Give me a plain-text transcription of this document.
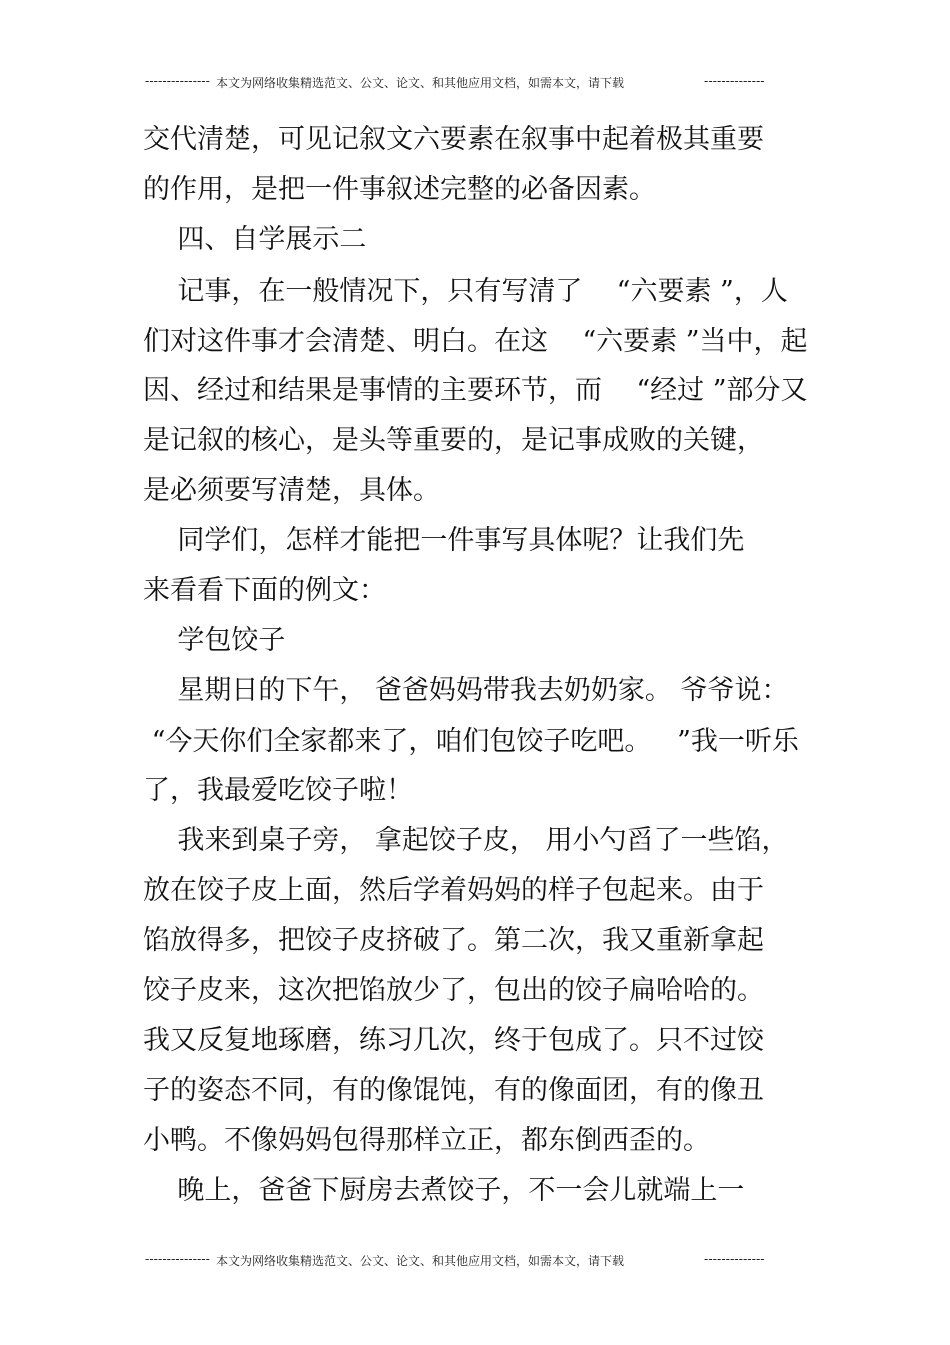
--------------- 本文为网络收集精选范文、公文、论文、和其他应用文档，如需本文，请下载	--------------
交代清楚，可见记叙文六要素在叙事中起着极其重要
的作用，是把一件事叙述完整的必备因素。
四、自学展示二
记事，在一般情况下，只有写清了    “六要素 ”，人
们对这件事才会清楚、明白。在这    “六要素 ”当中，起
因、经过和结果是事情的主要环节，而    “经过 ”部分又
是记叙的核心，是头等重要的，是记事成败的关键，
是必须要写清楚，具体。
同学们，怎样才能把一件事写具体呢？让我们先
来看看下面的例文：
学包饺子
星期日的下午， 爸爸妈妈带我去奶奶家。 爷爷说：
“今天你们全家都来了，咱们包饺子吃吧。   ”我一听乐
了，我最爱吃饺子啦！
我来到桌子旁， 拿起饺子皮， 用小勺舀了一些馅，
放在饺子皮上面，然后学着妈妈的样子包起来。由于
馅放得多，把饺子皮挤破了。第二次，我又重新拿起
饺子皮来，这次把馅放少了，包出的饺子扁哈哈的。
我又反复地琢磨，练习几次，终于包成了。只不过饺
子的姿态不同，有的像馄饨，有的像面团，有的像丑
小鸭。不像妈妈包得那样立正，都东倒西歪的。
晚上，爸爸下厨房去煮饺子，不一会儿就端上一
--------------- 本文为网络收集精选范文、公文、论文、和其他应用文档，如需本文，请下载	--------------
